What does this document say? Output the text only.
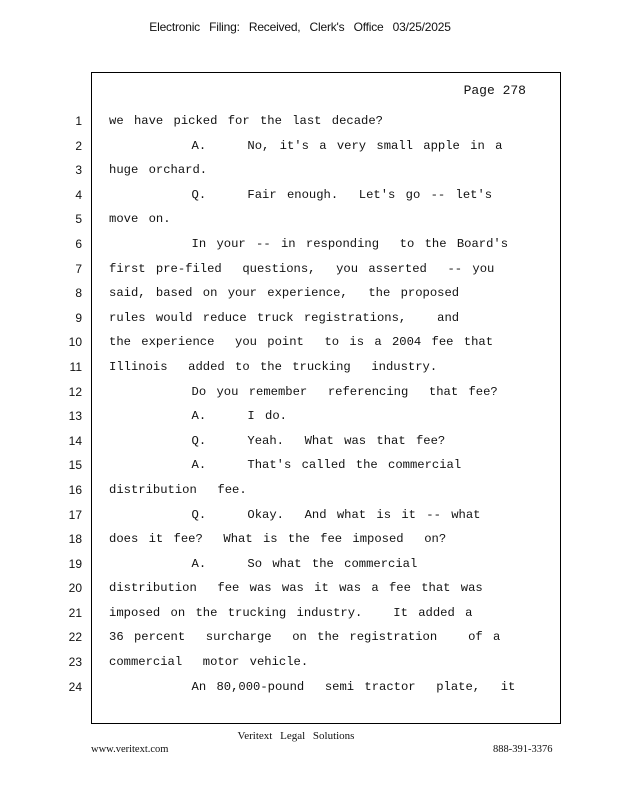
Electronic Filing: Received, Clerk's Office 03/25/2025
Page 278
1
2
3
4
5
6
7
8
9
10
11
12
13
14
15
16
17
18
19
20
21
22
23
24
we have picked for the last decade?
A.    No, it's a very small apple in a
huge orchard.
Q.    Fair enough.  Let's go -- let's
move on.
In your -- in responding  to the Board's
first pre-filed  questions,  you asserted  -- you
said, based on your experience,  the proposed
rules would reduce truck registrations,   and
the experience  you point  to is a 2004 fee that
Illinois  added to the trucking  industry.
Do you remember  referencing  that fee?
A.    I do.
Q.    Yeah.  What was that fee?
A.    That's called the commercial
distribution  fee.
Q.    Okay.  And what is it -- what
does it fee?  What is the fee imposed  on?
A.    So what the commercial
distribution  fee was was it was a fee that was
imposed on the trucking industry.   It added a
36 percent  surcharge  on the registration   of a
commercial  motor vehicle.
An 80,000-pound  semi tractor  plate,  it
Veritext Legal Solutions
www.veritext.com	888-391-3376
